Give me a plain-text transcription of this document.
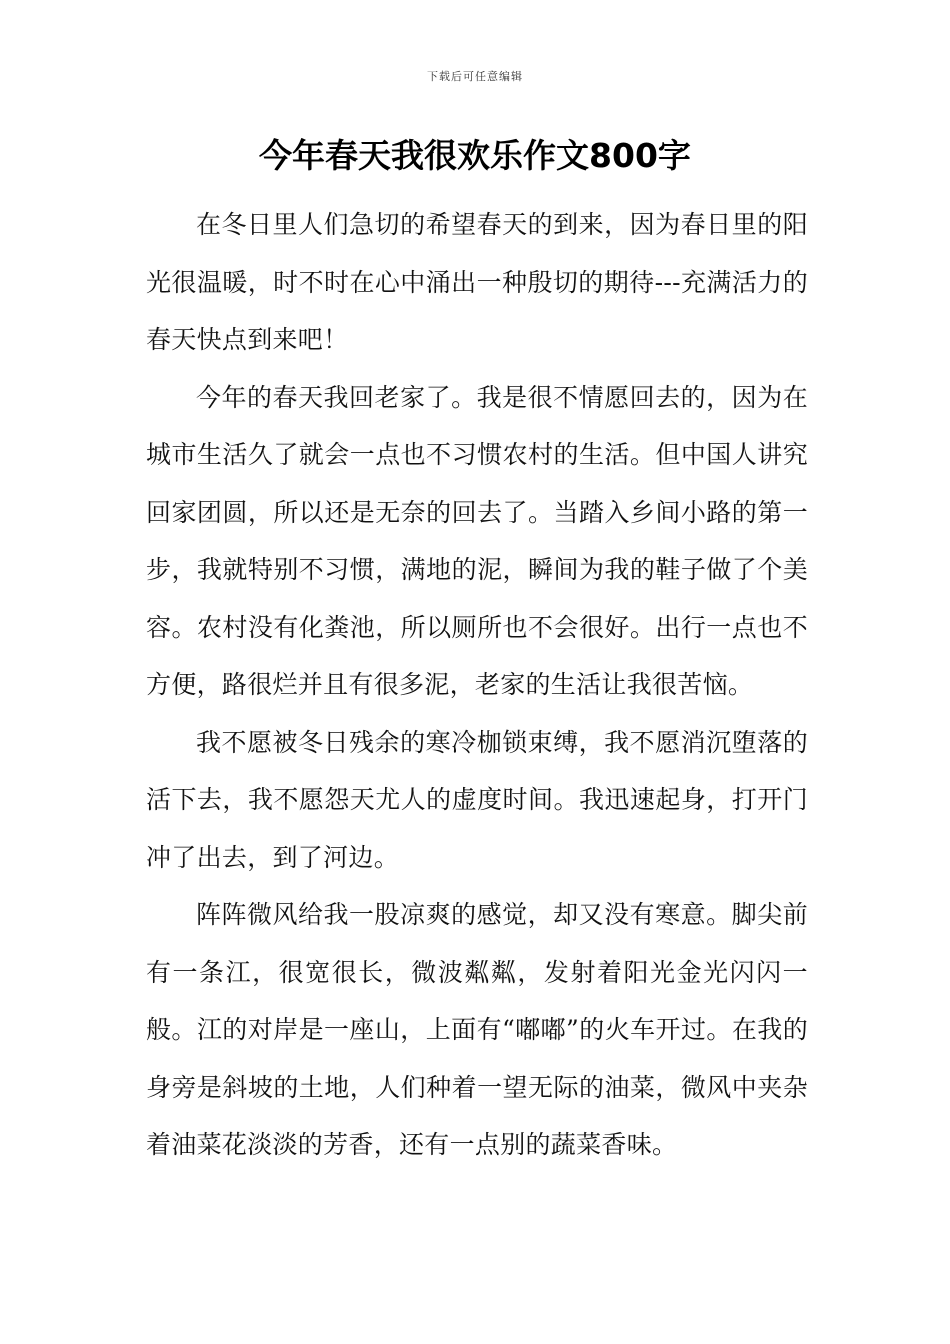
下载后可任意编辑
今年春天我很欢乐作文800字

在冬日里人们急切的希望春天的到来，因为春日里的阳光很温暖，时不时在心中涌出一种殷切的期待---充满活力的春天快点到来吧！

今年的春天我回老家了。我是很不情愿回去的，因为在城市生活久了就会一点也不习惯农村的生活。但中国人讲究回家团圆，所以还是无奈的回去了。当踏入乡间小路的第一步，我就特别不习惯，满地的泥，瞬间为我的鞋子做了个美容。农村没有化粪池，所以厕所也不会很好。出行一点也不方便，路很烂并且有很多泥，老家的生活让我很苦恼。

我不愿被冬日残余的寒冷枷锁束缚，我不愿消沉堕落的活下去，我不愿怨天尤人的虚度时间。我迅速起身，打开门冲了出去，到了河边。

阵阵微风给我一股凉爽的感觉，却又没有寒意。脚尖前有一条江，很宽很长，微波粼粼，发射着阳光金光闪闪一般。江的对岸是一座山，上面有“嘟嘟”的火车开过。在我的身旁是斜坡的土地，人们种着一望无际的油菜，微风中夹杂着油菜花淡淡的芳香，还有一点别的蔬菜香味。
